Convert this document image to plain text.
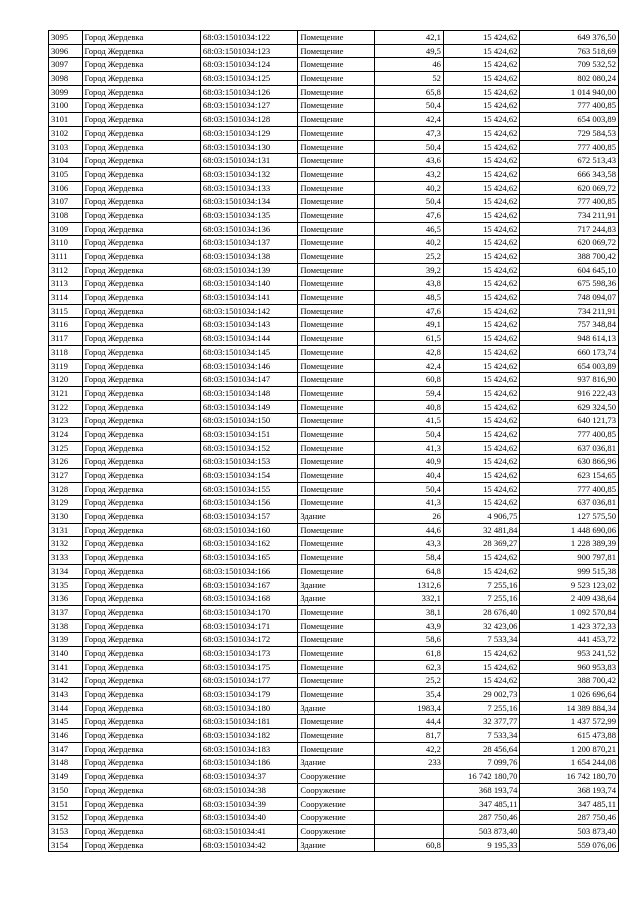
3095	Город Жердевка	68:03:1501034:122	Помещение	42,1	15 424,62	649 376,50
3096	Город Жердевка	68:03:1501034:123	Помещение	49,5	15 424,62	763 518,69
3097	Город Жердевка	68:03:1501034:124	Помещение	46	15 424,62	709 532,52
3098	Город Жердевка	68:03:1501034:125	Помещение	52	15 424,62	802 080,24
3099	Город Жердевка	68:03:1501034:126	Помещение	65,8	15 424,62	1 014 940,00
3100	Город Жердевка	68:03:1501034:127	Помещение	50,4	15 424,62	777 400,85
3101	Город Жердевка	68:03:1501034:128	Помещение	42,4	15 424,62	654 003,89
3102	Город Жердевка	68:03:1501034:129	Помещение	47,3	15 424,62	729 584,53
3103	Город Жердевка	68:03:1501034:130	Помещение	50,4	15 424,62	777 400,85
3104	Город Жердевка	68:03:1501034:131	Помещение	43,6	15 424,62	672 513,43
3105	Город Жердевка	68:03:1501034:132	Помещение	43,2	15 424,62	666 343,58
3106	Город Жердевка	68:03:1501034:133	Помещение	40,2	15 424,62	620 069,72
3107	Город Жердевка	68:03:1501034:134	Помещение	50,4	15 424,62	777 400,85
3108	Город Жердевка	68:03:1501034:135	Помещение	47,6	15 424,62	734 211,91
3109	Город Жердевка	68:03:1501034:136	Помещение	46,5	15 424,62	717 244,83
3110	Город Жердевка	68:03:1501034:137	Помещение	40,2	15 424,62	620 069,72
3111	Город Жердевка	68:03:1501034:138	Помещение	25,2	15 424,62	388 700,42
3112	Город Жердевка	68:03:1501034:139	Помещение	39,2	15 424,62	604 645,10
3113	Город Жердевка	68:03:1501034:140	Помещение	43,8	15 424,62	675 598,36
3114	Город Жердевка	68:03:1501034:141	Помещение	48,5	15 424,62	748 094,07
3115	Город Жердевка	68:03:1501034:142	Помещение	47,6	15 424,62	734 211,91
3116	Город Жердевка	68:03:1501034:143	Помещение	49,1	15 424,62	757 348,84
3117	Город Жердевка	68:03:1501034:144	Помещение	61,5	15 424,62	948 614,13
3118	Город Жердевка	68:03:1501034:145	Помещение	42,8	15 424,62	660 173,74
3119	Город Жердевка	68:03:1501034:146	Помещение	42,4	15 424,62	654 003,89
3120	Город Жердевка	68:03:1501034:147	Помещение	60,8	15 424,62	937 816,90
3121	Город Жердевка	68:03:1501034:148	Помещение	59,4	15 424,62	916 222,43
3122	Город Жердевка	68:03:1501034:149	Помещение	40,8	15 424,62	629 324,50
3123	Город Жердевка	68:03:1501034:150	Помещение	41,5	15 424,62	640 121,73
3124	Город Жердевка	68:03:1501034:151	Помещение	50,4	15 424,62	777 400,85
3125	Город Жердевка	68:03:1501034:152	Помещение	41,3	15 424,62	637 036,81
3126	Город Жердевка	68:03:1501034:153	Помещение	40,9	15 424,62	630 866,96
3127	Город Жердевка	68:03:1501034:154	Помещение	40,4	15 424,62	623 154,65
3128	Город Жердевка	68:03:1501034:155	Помещение	50,4	15 424,62	777 400,85
3129	Город Жердевка	68:03:1501034:156	Помещение	41,3	15 424,62	637 036,81
3130	Город Жердевка	68:03:1501034:157	Здание	26	4 906,75	127 575,50
3131	Город Жердевка	68:03:1501034:160	Помещение	44,6	32 481,84	1 448 690,06
3132	Город Жердевка	68:03:1501034:162	Помещение	43,3	28 369,27	1 228 389,39
3133	Город Жердевка	68:03:1501034:165	Помещение	58,4	15 424,62	900 797,81
3134	Город Жердевка	68:03:1501034:166	Помещение	64,8	15 424,62	999 515,38
3135	Город Жердевка	68:03:1501034:167	Здание	1312,6	7 255,16	9 523 123,02
3136	Город Жердевка	68:03:1501034:168	Здание	332,1	7 255,16	2 409 438,64
3137	Город Жердевка	68:03:1501034:170	Помещение	38,1	28 676,40	1 092 570,84
3138	Город Жердевка	68:03:1501034:171	Помещение	43,9	32 423,06	1 423 372,33
3139	Город Жердевка	68:03:1501034:172	Помещение	58,6	7 533,34	441 453,72
3140	Город Жердевка	68:03:1501034:173	Помещение	61,8	15 424,62	953 241,52
3141	Город Жердевка	68:03:1501034:175	Помещение	62,3	15 424,62	960 953,83
3142	Город Жердевка	68:03:1501034:177	Помещение	25,2	15 424,62	388 700,42
3143	Город Жердевка	68:03:1501034:179	Помещение	35,4	29 002,73	1 026 696,64
3144	Город Жердевка	68:03:1501034:180	Здание	1983,4	7 255,16	14 389 884,34
3145	Город Жердевка	68:03:1501034:181	Помещение	44,4	32 377,77	1 437 572,99
3146	Город Жердевка	68:03:1501034:182	Помещение	81,7	7 533,34	615 473,88
3147	Город Жердевка	68:03:1501034:183	Помещение	42,2	28 456,64	1 200 870,21
3148	Город Жердевка	68:03:1501034:186	Здание	233	7 099,76	1 654 244,08
3149	Город Жердевка	68:03:1501034:37	Сооружение		16 742 180,70	16 742 180,70
3150	Город Жердевка	68:03:1501034:38	Сооружение		368 193,74	368 193,74
3151	Город Жердевка	68:03:1501034:39	Сооружение		347 485,11	347 485,11
3152	Город Жердевка	68:03:1501034:40	Сооружение		287 750,46	287 750,46
3153	Город Жердевка	68:03:1501034:41	Сооружение		503 873,40	503 873,40
3154	Город Жердевка	68:03:1501034:42	Здание	60,8	9 195,33	559 076,06
